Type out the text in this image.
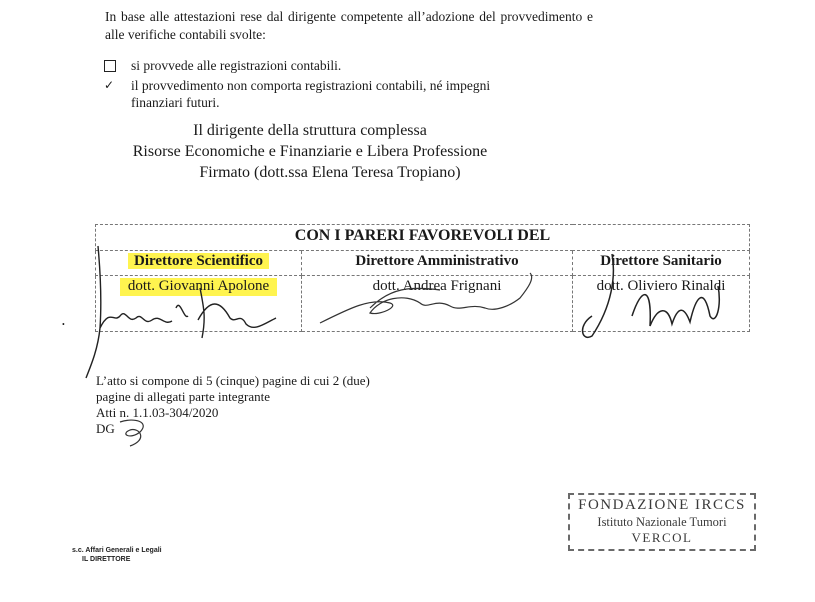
In base alle attestazioni rese dal dirigente competente all’adozione del provvedimento e alle verifiche contabili svolte:
si provvede alle registrazioni contabili.
✓	il provvedimento non comporta registrazioni contabili, né impegni finanziari futuri.
Il dirigente della struttura complessa
Risorse Economiche e Finanziarie e Libera Professione
Firmato (dott.ssa Elena Teresa Tropiano)
CON I PARERI FAVOREVOLI DEL		
Direttore Scientifico	Direttore Amministrativo	Direttore Sanitario
dott. Giovanni Apolone	dott. Andrea Frignani	dott. Oliviero Rinaldi
•
L’atto si compone di 5 (cinque) pagine di cui 2 (due)
pagine di allegati parte integrante
Atti n. 1.1.03-304/2020
DG
FONDAZIONE IRCCS
Istituto Nazionale Tumori
VERCOL
s.c. Affari Generali e Legali
IL DIRETTORE
